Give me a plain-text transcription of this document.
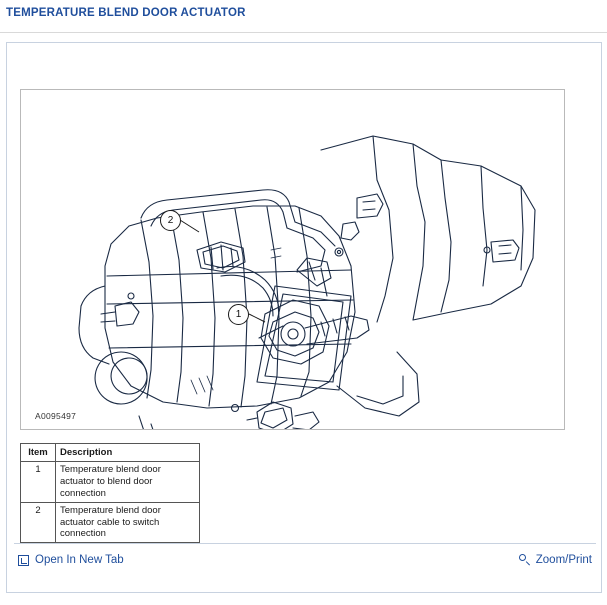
TEMPERATURE BLEND DOOR ACTUATOR
1
2
A0095497
Item	Description
1	Temperature blend door actuator to blend door connection
2	Temperature blend door actuator cable to switch connection
Open In New Tab	Zoom/Print
